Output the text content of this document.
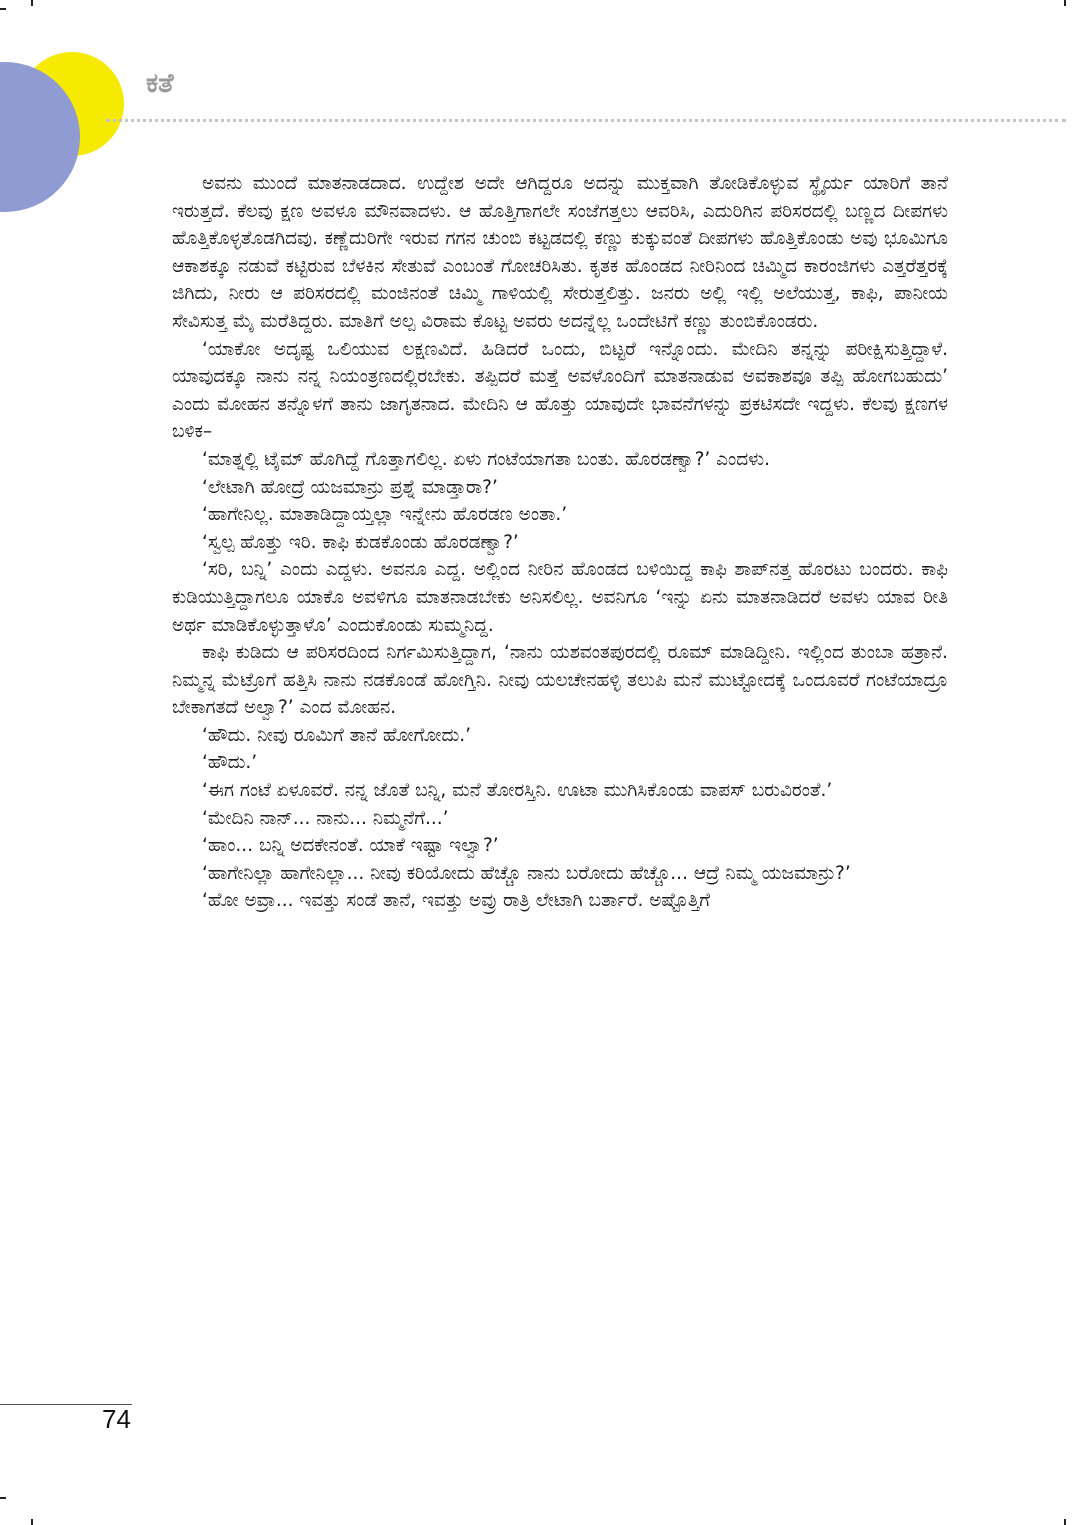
ಕತೆ

ಅವನು ಮುಂದೆ ಮಾತನಾಡದಾದ. ಉದ್ದೇಶ ಅದೇ ಆಗಿದ್ದರೂ ಅದನ್ನು ಮುಕ್ತವಾಗಿ ತೋಡಿಕೊಳ್ಳುವ ಸ್ಥೈರ್ಯ ಯಾರಿಗೆ ತಾನೆ ಇರುತ್ತದೆ. ಕೆಲವು ಕ್ಷಣ ಅವಳೂ ಮೌನವಾದಳು. ಆ ಹೊತ್ತಿಗಾಗಲೇ ಸಂಜೆಗತ್ತಲು ಆವರಿಸಿ, ಎದುರಿಗಿನ ಪರಿಸರದಲ್ಲಿ ಬಣ್ಣದ ದೀಪಗಳು ಹೊತ್ತಿಕೊಳ್ಳತೊಡಗಿದವು. ಕಣ್ಣೆದುರಿಗೇ ಇರುವ ಗಗನ ಚುಂಬಿ ಕಟ್ಟಡದಲ್ಲಿ ಕಣ್ಣು ಕುಕ್ಕುವಂತೆ ದೀಪಗಳು ಹೊತ್ತಿಕೊಂಡು ಅವು ಭೂಮಿಗೂ ಆಕಾಶಕ್ಕೂ ನಡುವೆ ಕಟ್ಟಿರುವ ಬೆಳಕಿನ ಸೇತುವೆ ಎಂಬಂತೆ ಗೋಚರಿಸಿತು. ಕೃತಕ ಹೊಂಡದ ನೀರಿನಿಂದ ಚಿಮ್ಮಿದ ಕಾರಂಜಿಗಳು ಎತ್ತರೆತ್ತರಕ್ಕೆ ಜಿಗಿದು, ನೀರು ಆ ಪರಿಸರದಲ್ಲಿ ಮಂಜಿನಂತೆ ಚಿಮ್ಮಿ ಗಾಳಿಯಲ್ಲಿ ಸೇರುತ್ತಲಿತ್ತು. ಜನರು ಅಲ್ಲಿ ಇಲ್ಲಿ ಅಲೆಯುತ್ತ, ಕಾಫಿ, ಪಾನೀಯ ಸೇವಿಸುತ್ತ ಮೈ ಮರೆತಿದ್ದರು. ಮಾತಿಗೆ ಅಲ್ಪ ವಿರಾಮ ಕೊಟ್ಟ ಅವರು ಅದನ್ನೆಲ್ಲ ಒಂದೇಟಿಗೆ ಕಣ್ಣು ತುಂಬಿಕೊಂಡರು.

‘ಯಾಕೋ ಅದೃಷ್ಟ ಒಲಿಯುವ ಲಕ್ಷಣವಿದೆ. ಹಿಡಿದರೆ ಒಂದು, ಬಿಟ್ಟರೆ ಇನ್ನೊಂದು. ಮೇದಿನಿ ತನ್ನನ್ನು ಪರೀಕ್ಷಿಸುತ್ತಿದ್ದಾಳೆ. ಯಾವುದಕ್ಕೂ ನಾನು ನನ್ನ ನಿಯಂತ್ರಣದಲ್ಲಿರಬೇಕು. ತಪ್ಪಿದರೆ ಮತ್ತೆ ಅವಳೊಂದಿಗೆ ಮಾತನಾಡುವ ಅವಕಾಶವೂ ತಪ್ಪಿ ಹೋಗಬಹುದು’ ಎಂದು ಮೋಹನ ತನ್ನೊಳಗೆ ತಾನು ಜಾಗೃತನಾದ. ಮೇದಿನಿ ಆ ಹೊತ್ತು ಯಾವುದೇ ಭಾವನೆಗಳನ್ನು ಪ್ರಕಟಿಸದೇ ಇದ್ದಳು. ಕೆಲವು ಕ್ಷಣಗಳ ಬಳಿಕ–

‘ಮಾತ್ನಲ್ಲಿ ಟೈಮ್ ಹೊಗಿದ್ದೆ ಗೊತ್ತಾಗಲಿಲ್ಲ. ಏಳು ಗಂಟೆಯಾಗತಾ ಬಂತು. ಹೊರಡಣ್ವಾ?’ ಎಂದಳು.

‘ಲೇಟಾಗಿ ಹೋದ್ರೆ ಯಜಮಾನ್ರು ಪ್ರಶ್ನೆ ಮಾಡ್ತಾರಾ?’

‘ಹಾಗೇನಿಲ್ಲ. ಮಾತಾಡಿದ್ದಾಯ್ತಲ್ಲಾ ಇನ್ನೇನು ಹೊರಡಣ ಅಂತಾ.’

‘ಸ್ವಲ್ಪ ಹೊತ್ತು ಇರಿ. ಕಾಫಿ ಕುಡಕೊಂಡು ಹೊರಡಣ್ವಾ?’

‘ಸರಿ, ಬನ್ನಿ’ ಎಂದು ಎದ್ದಳು. ಅವನೂ ಎದ್ದ. ಅಲ್ಲಿಂದ ನೀರಿನ ಹೊಂಡದ ಬಳಿಯಿದ್ದ ಕಾಫಿ ಶಾಪ್‌ನತ್ತ ಹೊರಟು ಬಂದರು. ಕಾಫಿ ಕುಡಿಯುತ್ತಿದ್ದಾಗಲೂ ಯಾಕೊ ಅವಳಿಗೂ ಮಾತನಾಡಬೇಕು ಅನಿಸಲಿಲ್ಲ. ಅವನಿಗೂ ‘ಇನ್ನು ಏನು ಮಾತನಾಡಿದರೆ ಅವಳು ಯಾವ ರೀತಿ ಅರ್ಥ ಮಾಡಿಕೊಳ್ಳುತ್ತಾಳೊ’ ಎಂದುಕೊಂಡು ಸುಮ್ಮನಿದ್ದ.

ಕಾಫಿ ಕುಡಿದು ಆ ಪರಿಸರದಿಂದ ನಿರ್ಗಮಿಸುತ್ತಿದ್ದಾಗ, ‘ನಾನು ಯಶವಂತಪುರದಲ್ಲಿ ರೂಮ್ ಮಾಡಿದ್ದೀನಿ. ಇಲ್ಲಿಂದ ತುಂಬಾ ಹತ್ರಾನೆ. ನಿಮ್ಮನ್ನ ಮೆಟ್ರೊಗೆ ಹತ್ತಿಸಿ ನಾನು ನಡಕೊಂಡೆ ಹೋಗ್ತಿನಿ. ನೀವು ಯಲಚೇನಹಳ್ಳಿ ತಲುಪಿ ಮನೆ ಮುಟ್ಟೋದಕ್ಕೆ ಒಂದೂವರೆ ಗಂಟೆಯಾದ್ರೂ ಬೇಕಾಗತದೆ ಅಲ್ವಾ?’ ಎಂದ ಮೋಹನ.

‘ಹೌದು. ನೀವು ರೂಮಿಗೆ ತಾನೆ ಹೋಗೋದು.’

‘ಹೌದು.’

‘ಈಗ ಗಂಟೆ ಏಳೂವರೆ. ನನ್ನ ಜೊತೆ ಬನ್ನಿ, ಮನೆ ತೋರಸ್ತಿನಿ. ಊಟಾ ಮುಗಿಸಿಕೊಂಡು ವಾಪಸ್ ಬರುವಿರಂತೆ.’

‘ಮೇದಿನಿ ನಾನ್... ನಾನು... ನಿಮ್ಮನೆಗೆ...’

‘ಹಾಂ... ಬನ್ನಿ ಅದಕೇನಂತೆ. ಯಾಕೆ ಇಷ್ಟಾ ಇಲ್ವಾ?’

‘ಹಾಗೇನಿಲ್ಲಾ ಹಾಗೇನಿಲ್ಲಾ... ನೀವು ಕರಿಯೋದು ಹೆಚ್ಚೊ ನಾನು ಬರೋದು ಹೆಚ್ಚೊ... ಆದ್ರೆ ನಿಮ್ಮ ಯಜಮಾನ್ರು?’

‘ಹೋ ಅವ್ರಾ... ಇವತ್ತು ಸಂಡೆ ತಾನೆ, ಇವತ್ತು ಅವ್ರು ರಾತ್ರಿ ಲೇಟಾಗಿ ಬರ್ತಾರೆ. ಅಷ್ಟೊತ್ತಿಗೆ

74
